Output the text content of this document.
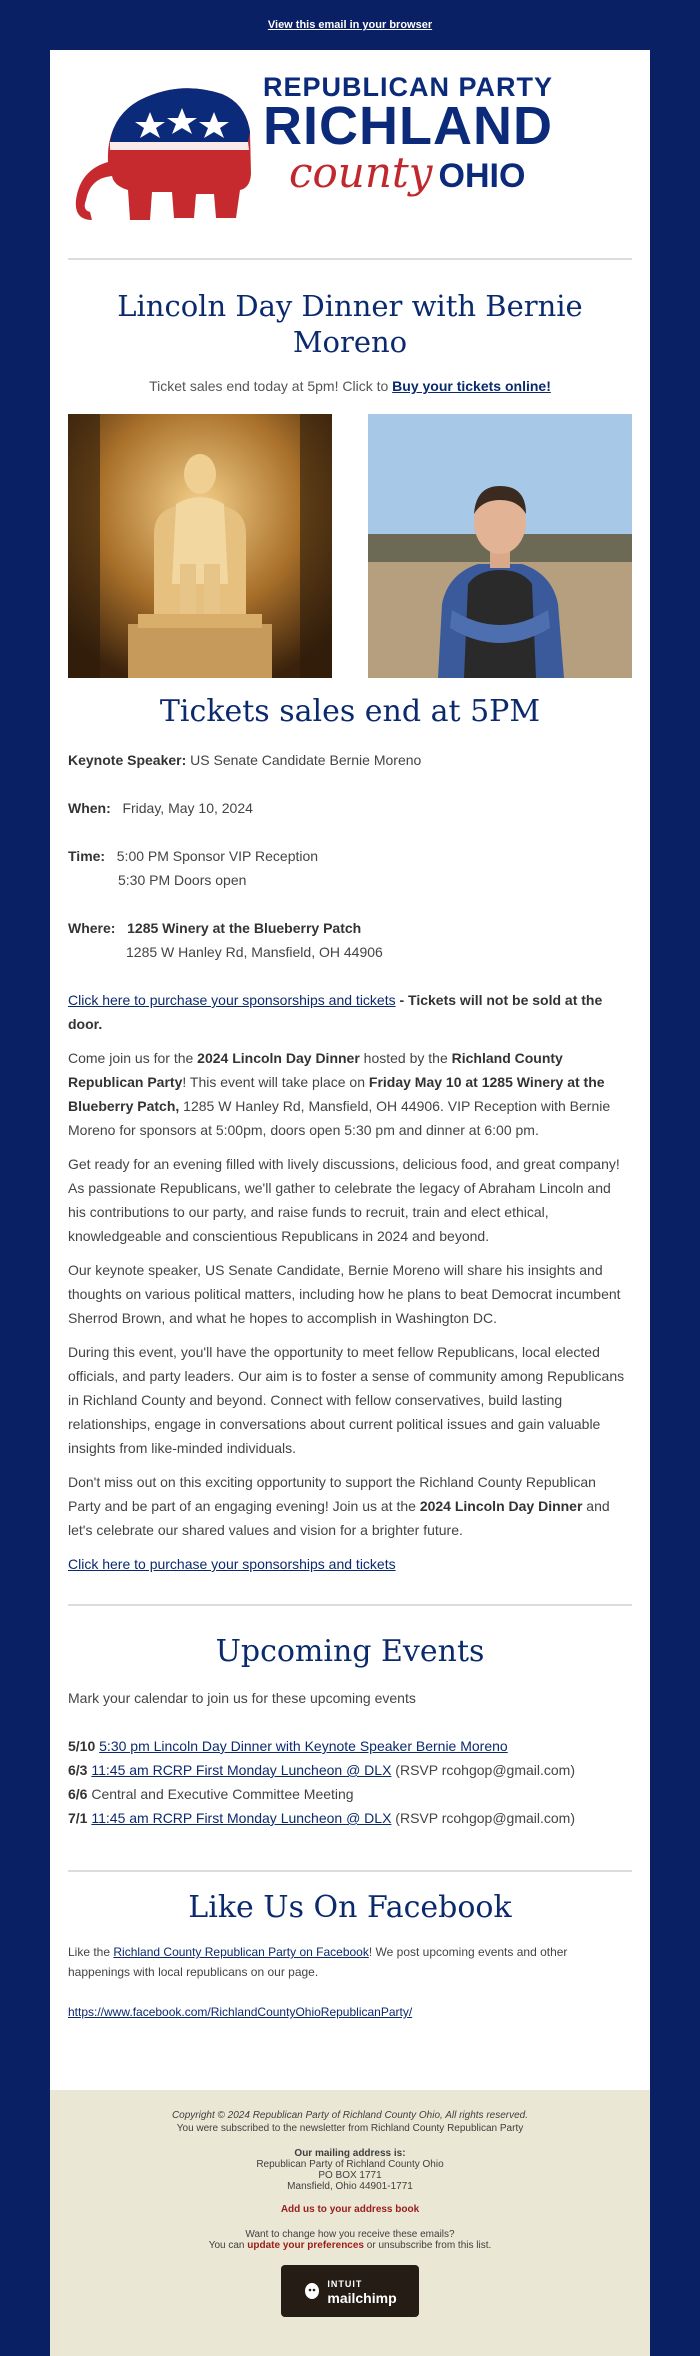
View this email in your browser
REPUBLICAN PARTY
RICHLAND
county OHIO
Lincoln Day Dinner with Bernie Moreno
Ticket sales end today at 5pm! Click to Buy your tickets online!
Tickets sales end at 5PM

Keynote Speaker: US Senate Candidate Bernie Moreno

When: Friday, May 10, 2024

Time: 5:00 PM Sponsor VIP Reception

5:30 PM Doors open

Where: 1285 Winery at the Blueberry Patch

1285 W Hanley Rd, Mansfield, OH 44906

Click here to purchase your sponsorships and tickets - Tickets will not be sold at the door.

Come join us for the 2024 Lincoln Day Dinner hosted by the Richland County Republican Party! This event will take place on Friday May 10 at 1285 Winery at the Blueberry Patch, 1285 W Hanley Rd, Mansfield, OH 44906. VIP Reception with Bernie Moreno for sponsors at 5:00pm, doors open 5:30 pm and dinner at 6:00 pm.

Get ready for an evening filled with lively discussions, delicious food, and great company! As passionate Republicans, we'll gather to celebrate the legacy of Abraham Lincoln and his contributions to our party, and raise funds to recruit, train and elect ethical, knowledgeable and conscientious Republicans in 2024 and beyond.

Our keynote speaker, US Senate Candidate, Bernie Moreno will share his insights and thoughts on various political matters, including how he plans to beat Democrat incumbent Sherrod Brown, and what he hopes to accomplish in Washington DC.

During this event, you'll have the opportunity to meet fellow Republicans, local elected officials, and party leaders. Our aim is to foster a sense of community among Republicans in Richland County and beyond. Connect with fellow conservatives, build lasting relationships, engage in conversations about current political issues and gain valuable insights from like-minded individuals.

Don't miss out on this exciting opportunity to support the Richland County Republican Party and be part of an engaging evening! Join us at the 2024 Lincoln Day Dinner and let's celebrate our shared values and vision for a brighter future.

Click here to purchase your sponsorships and tickets

Upcoming Events

Mark your calendar to join us for these upcoming events

5/10 5:30 pm Lincoln Day Dinner with Keynote Speaker Bernie Moreno

6/3 11:45 am RCRP First Monday Luncheon @ DLX (RSVP rcohgop@gmail.com)

6/6 Central and Executive Committee Meeting

7/1 11:45 am RCRP First Monday Luncheon @ DLX (RSVP rcohgop@gmail.com)

Like Us On Facebook

Like the Richland County Republican Party on Facebook! We post upcoming events and other happenings with local republicans on our page.

https://www.facebook.com/RichlandCountyOhioRepublicanParty/

Copyright © 2024 Republican Party of Richland County Ohio, All rights reserved.
You were subscribed to the newsletter from Richland County Republican Party
Our mailing address is:
Republican Party of Richland County Ohio
PO BOX 1771
Mansfield, Ohio 44901-1771
Add us to your address book
Want to change how you receive these emails?
You can update your preferences or unsubscribe from this list.
INTUIT
mailchimp
